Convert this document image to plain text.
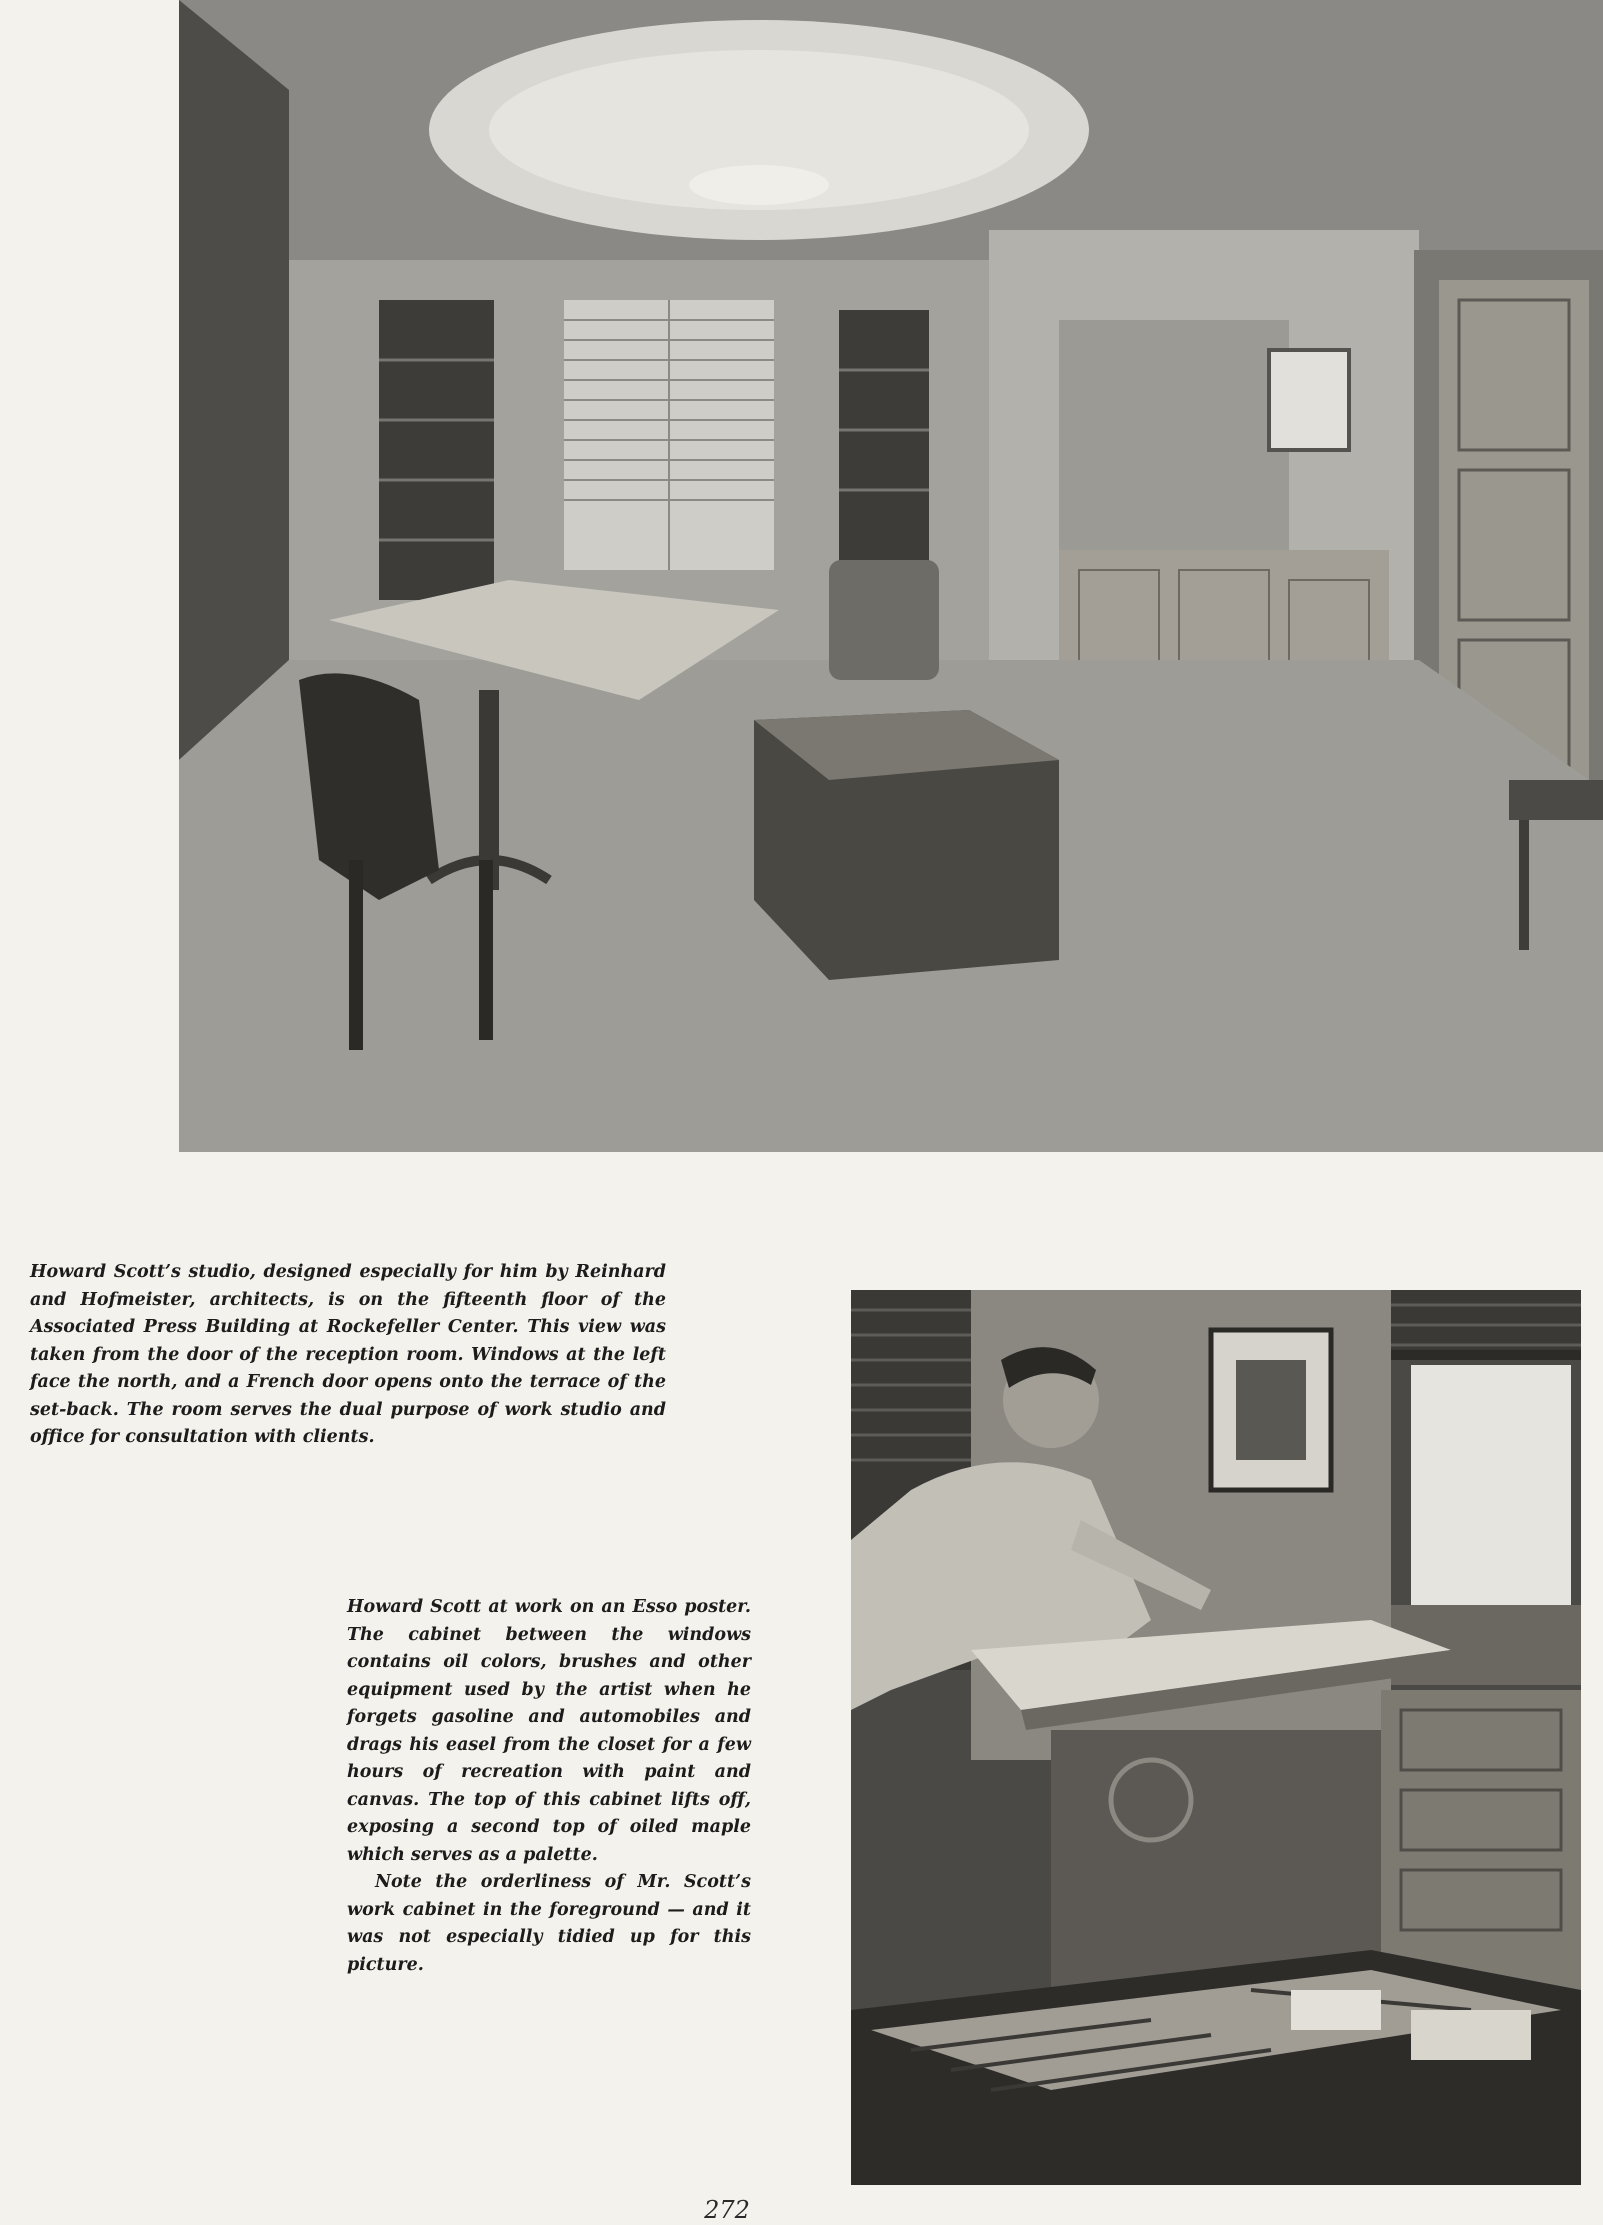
Howard Scott’s studio, designed especially for him by Reinhard and Hofmeister, architects, is on the fifteenth floor of the Associated Press Building at Rockefeller Center. This view was taken from the door of the reception room. Windows at the left face the north, and a French door opens onto the terrace of the set-back. The room serves the dual purpose of work studio and office for consultation with clients.

Howard Scott at work on an Esso poster. The cabinet between the windows contains oil colors, brushes and other equipment used by the artist when he forgets gasoline and automobiles and drags his easel from the closet for a few hours of recreation with paint and canvas. The top of this cabinet lifts off, exposing a second top of oiled maple which serves as a palette.

Note the orderliness of Mr. Scott’s work cabinet in the foreground — and it was not especially tidied up for this picture.

272
